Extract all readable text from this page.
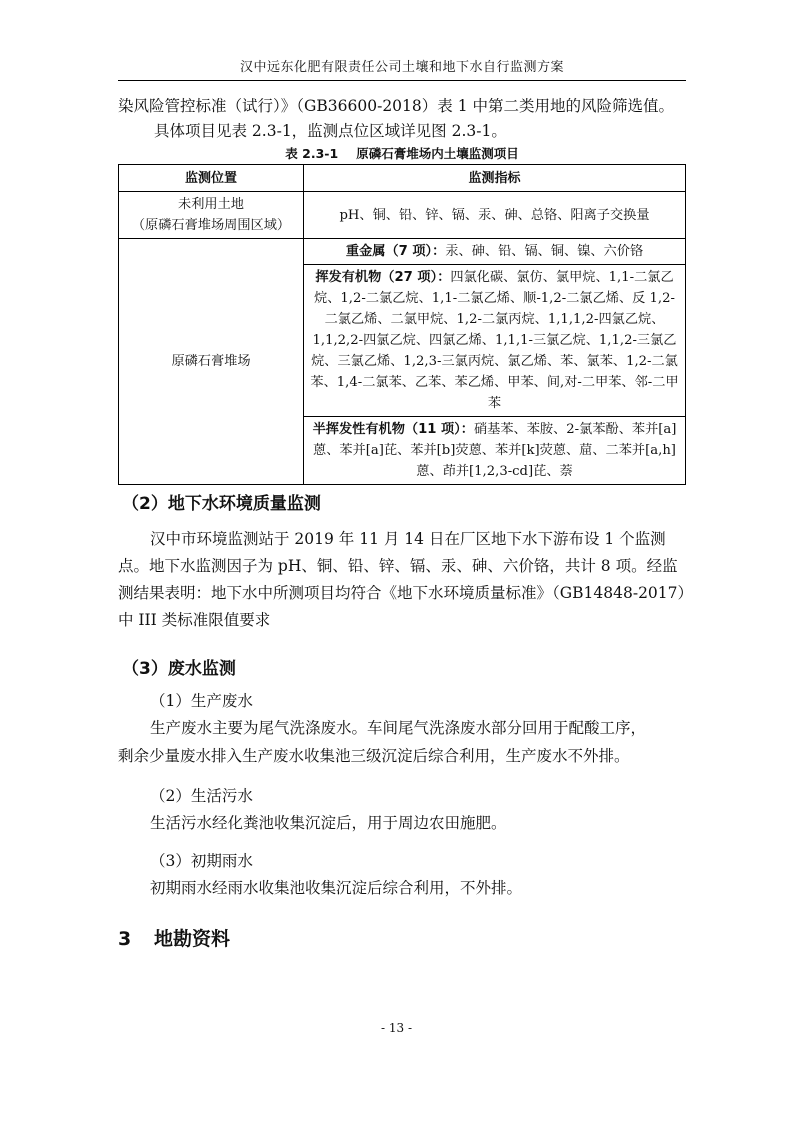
汉中远东化肥有限责任公司土壤和地下水自行监测方案
染风险管控标准（试行）》（GB36600-2018）表 1 中第二类用地的风险筛选值。
具体项目见表 2.3-1，监测点位区域详见图 2.3-1。
表 2.3-1 原磷石膏堆场内土壤监测项目
监测位置	监测指标

未利用土地
（原磷石膏堆场周围区域）	pH、铜、铅、锌、镉、汞、砷、总铬、阳离子交换量
原磷石膏堆场	重金属（7 项）：汞、砷、铅、镉、铜、镍、六价铬
	挥发有机物（27 项）：四氯化碳、氯仿、氯甲烷、1,1-二氯乙烷、1,2-二氯乙烷、1,1-二氯乙烯、顺-1,2-二氯乙烯、反 1,2-二氯乙烯、二氯甲烷、1,2-二氯丙烷、1,1,1,2-四氯乙烷、1,1,2,2-四氯乙烷、四氯乙烯、1,1,1-三氯乙烷、1,1,2-三氯乙烷、三氯乙烯、1,2,3-三氯丙烷、氯乙烯、苯、氯苯、1,2-二氯苯、1,4-二氯苯、乙苯、苯乙烯、甲苯、间,对-二甲苯、邻-二甲苯
	半挥发性有机物（11 项）：硝基苯、苯胺、2-氯苯酚、苯并[a]蒽、苯并[a]芘、苯并[b]荧蒽、苯并[k]荧蒽、䓛、二苯并[a,h]蒽、茚并[1,2,3-cd]芘、萘
（2）地下水环境质量监测
汉中市环境监测站于 2019 年 11 月 14 日在厂区地下水下游布设 1 个监测点。地下水监测因子为 pH、铜、铅、锌、镉、汞、砷、六价铬，共计 8 项。经监测结果表明：地下水中所测项目均符合《地下水环境质量标准》（GB14848-2017）中 III 类标准限值要求
（3）废水监测
（1）生产废水
生产废水主要为尾气洗涤废水。车间尾气洗涤废水部分回用于配酸工序，
剩余少量废水排入生产废水收集池三级沉淀后综合利用，生产废水不外排。
（2）生活污水
生活污水经化粪池收集沉淀后，用于周边农田施肥。
（3）初期雨水
初期雨水经雨水收集池收集沉淀后综合利用，不外排。
3 地勘资料
- 13 -
